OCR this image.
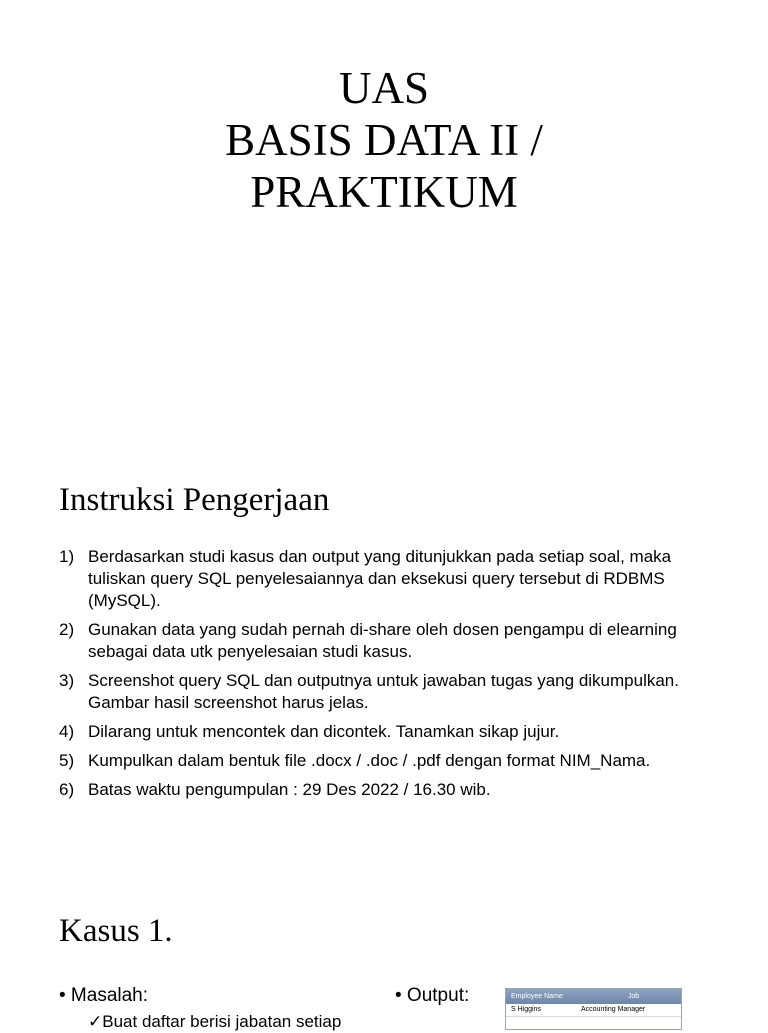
UAS
BASIS DATA II /
PRAKTIKUM
Instruksi Pengerjaan
1) Berdasarkan studi kasus dan output yang ditunjukkan pada setiap soal, maka tuliskan query SQL penyelesaiannya dan eksekusi query tersebut di RDBMS (MySQL).
2) Gunakan data yang sudah pernah di-share oleh dosen pengampu di elearning sebagai data utk penyelesaian studi kasus.
3) Screenshot query SQL dan outputnya untuk jawaban tugas yang dikumpulkan. Gambar hasil screenshot harus jelas.
4) Dilarang untuk mencontek dan dicontek. Tanamkan sikap jujur.
5) Kumpulkan dalam bentuk file .docx / .doc / .pdf dengan format NIM_Nama.
6) Batas waktu pengumpulan : 29 Des 2022 / 16.30 wib.
Kasus 1.
• Masalah:
✓Buat daftar berisi jabatan setiap
• Output:	Employee Name	Job
S Higgins	Accounting Manager
